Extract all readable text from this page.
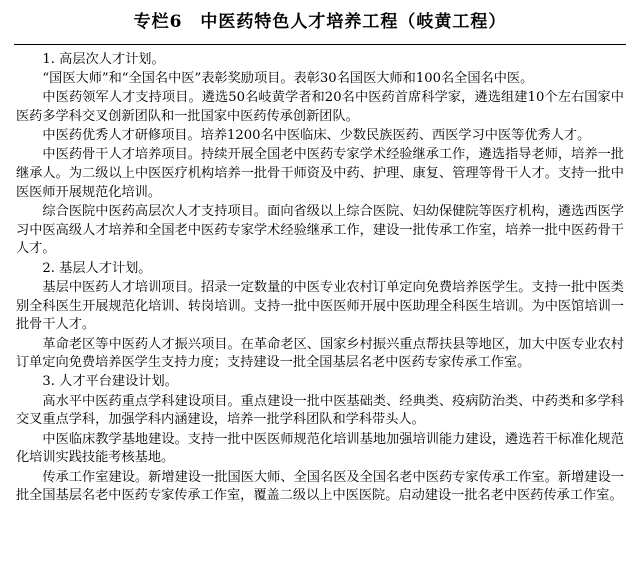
专栏6　中医药特色人才培养工程（岐黄工程）

1. 高层次人才计划。

“国医大师”和“全国名中医”表彰奖励项目。表彰30名国医大师和100名全国名中医。

中医药领军人才支持项目。遴选50名岐黄学者和20名中医药首席科学家，遴选组建10个左右国家中医药多学科交叉创新团队和一批国家中医药传承创新团队。

中医药优秀人才研修项目。培养1200名中医临床、少数民族医药、西医学习中医等优秀人才。

中医药骨干人才培养项目。持续开展全国老中医药专家学术经验继承工作，遴选指导老师，培养一批继承人。为二级以上中医医疗机构培养一批骨干师资及中药、护理、康复、管理等骨干人才。支持一批中医医师开展规范化培训。

综合医院中医药高层次人才支持项目。面向省级以上综合医院、妇幼保健院等医疗机构，遴选西医学习中医高级人才培养和全国老中医药专家学术经验继承工作，建设一批传承工作室，培养一批中医药骨干人才。

2. 基层人才计划。

基层中医药人才培训项目。招录一定数量的中医专业农村订单定向免费培养医学生。支持一批中医类别全科医生开展规范化培训、转岗培训。支持一批中医医师开展中医助理全科医生培训。为中医馆培训一批骨干人才。

革命老区等中医药人才振兴项目。在革命老区、国家乡村振兴重点帮扶县等地区，加大中医专业农村订单定向免费培养医学生支持力度；支持建设一批全国基层名老中医药专家传承工作室。

3. 人才平台建设计划。

高水平中医药重点学科建设项目。重点建设一批中医基础类、经典类、疫病防治类、中药类和多学科交叉重点学科，加强学科内涵建设，培养一批学科团队和学科带头人。

中医临床教学基地建设。支持一批中医医师规范化培训基地加强培训能力建设，遴选若干标准化规范化培训实践技能考核基地。

传承工作室建设。新增建设一批国医大师、全国名医及全国名老中医药专家传承工作室。新增建设一批全国基层名老中医药专家传承工作室，覆盖二级以上中医医院。启动建设一批名老中医药传承工作室。
